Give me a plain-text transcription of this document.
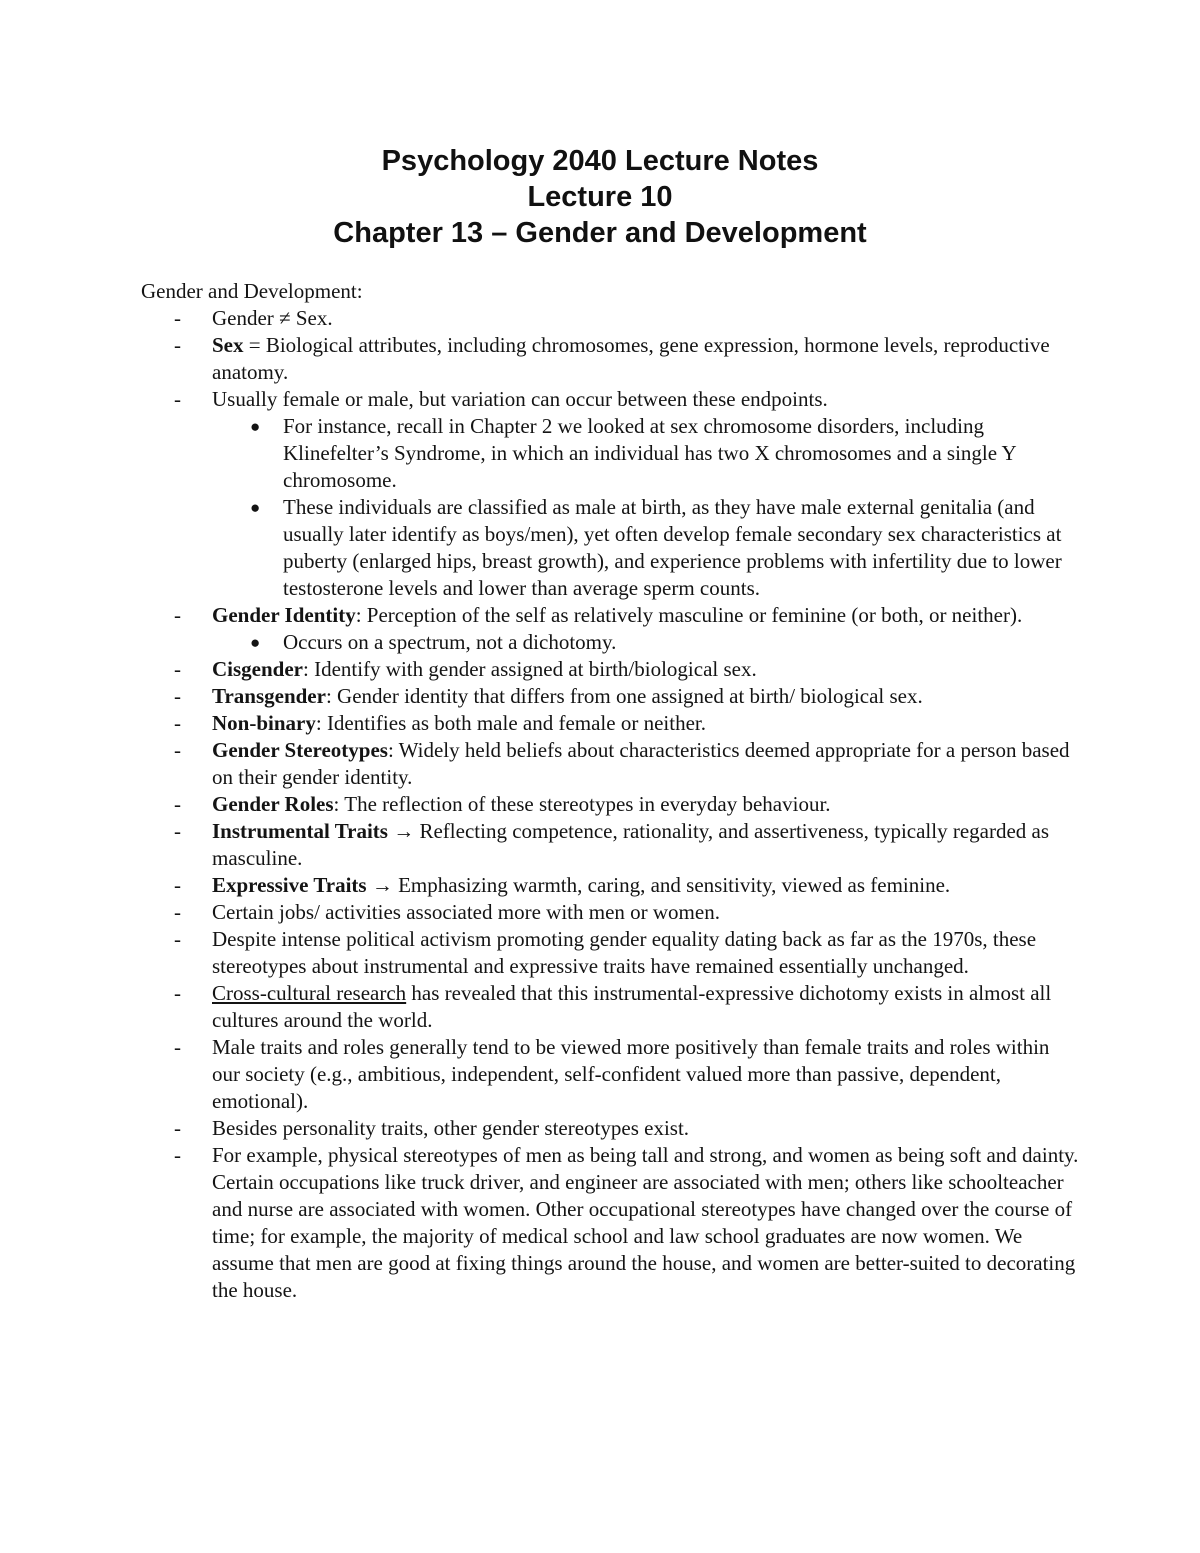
Psychology 2040 Lecture Notes
Lecture 10
Chapter 13 – Gender and Development
Gender and Development:
- Gender ≠ Sex.
- Sex = Biological attributes, including chromosomes, gene expression, hormone levels, reproductive anatomy.
- Usually female or male, but variation can occur between these endpoints.
● For instance, recall in Chapter 2 we looked at sex chromosome disorders, including Klinefelter’s Syndrome, in which an individual has two X chromosomes and a single Y chromosome.
● These individuals are classified as male at birth, as they have male external genitalia (and usually later identify as boys/men), yet often develop female secondary sex characteristics at puberty (enlarged hips, breast growth), and experience problems with infertility due to lower testosterone levels and lower than average sperm counts.
- Gender Identity: Perception of the self as relatively masculine or feminine (or both, or neither).
● Occurs on a spectrum, not a dichotomy.
- Cisgender: Identify with gender assigned at birth/biological sex.
- Transgender: Gender identity that differs from one assigned at birth/ biological sex.
- Non-binary: Identifies as both male and female or neither.
- Gender Stereotypes: Widely held beliefs about characteristics deemed appropriate for a person based on their gender identity.
- Gender Roles: The reflection of these stereotypes in everyday behaviour.
- Instrumental Traits → Reflecting competence, rationality, and assertiveness, typically regarded as masculine.
- Expressive Traits → Emphasizing warmth, caring, and sensitivity, viewed as feminine.
- Certain jobs/ activities associated more with men or women.
- Despite intense political activism promoting gender equality dating back as far as the 1970s, these stereotypes about instrumental and expressive traits have remained essentially unchanged.
- Cross-cultural research has revealed that this instrumental-expressive dichotomy exists in almost all cultures around the world.
- Male traits and roles generally tend to be viewed more positively than female traits and roles within our society (e.g., ambitious, independent, self-confident valued more than passive, dependent, emotional).
- Besides personality traits, other gender stereotypes exist.
- For example, physical stereotypes of men as being tall and strong, and women as being soft and dainty. Certain occupations like truck driver, and engineer are associated with men; others like schoolteacher and nurse are associated with women. Other occupational stereotypes have changed over the course of time; for example, the majority of medical school and law school graduates are now women. We assume that men are good at fixing things around the house, and women are better-suited to decorating the house.
